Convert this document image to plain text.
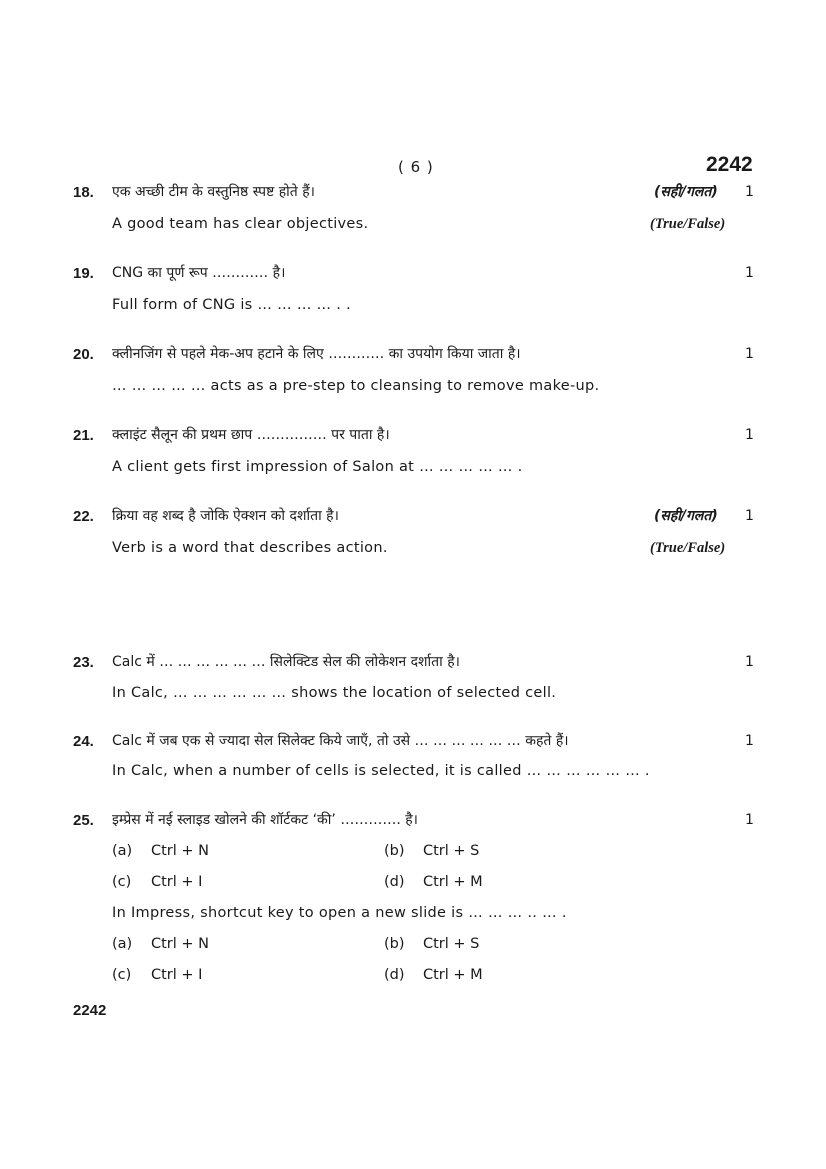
( 6 )	2242
18. एक अच्छी टीम के वस्तुनिष्ठ स्पष्ट होते हैं।	(सही/गलत) 1
A good team has clear objectives.	(True/False)
19. CNG का पूर्ण रूप ………… है।	1
Full form of CNG is … … … … . .
20. क्लीनजिंग से पहले मेक-अप हटाने के लिए ………… का उपयोग किया जाता है।	1
… … … … … acts as a pre-step to cleansing to remove make-up.
21. क्लाइंट सैलून की प्रथम छाप …………… पर पाता है।	1
A client gets first impression of Salon at … … … … … .
22. क्रिया वह शब्द है जोकि ऐक्शन को दर्शाता है।	(सही/गलत) 1
Verb is a word that describes action.	(True/False)
23. Calc में … … … … … … सिलेक्टिड सेल की लोकेशन दर्शाता है।	1
In Calc, … … … … … … shows the location of selected cell.
24. Calc में जब एक से ज्यादा सेल सिलेक्ट किये जाएँ, तो उसे … … … … … … कहते हैं।	1
In Calc, when a number of cells is selected, it is called … … … … … … .
25. इम्प्रेस में नई स्लाइड खोलने की शॉर्टकट ‘की’ …………. है।	1
(a) Ctrl + N	(b) Ctrl + S
(c) Ctrl + I	(d) Ctrl + M
In Impress, shortcut key to open a new slide is … … … .. … .
(a) Ctrl + N	(b) Ctrl + S
(c) Ctrl + I	(d) Ctrl + M
2242
